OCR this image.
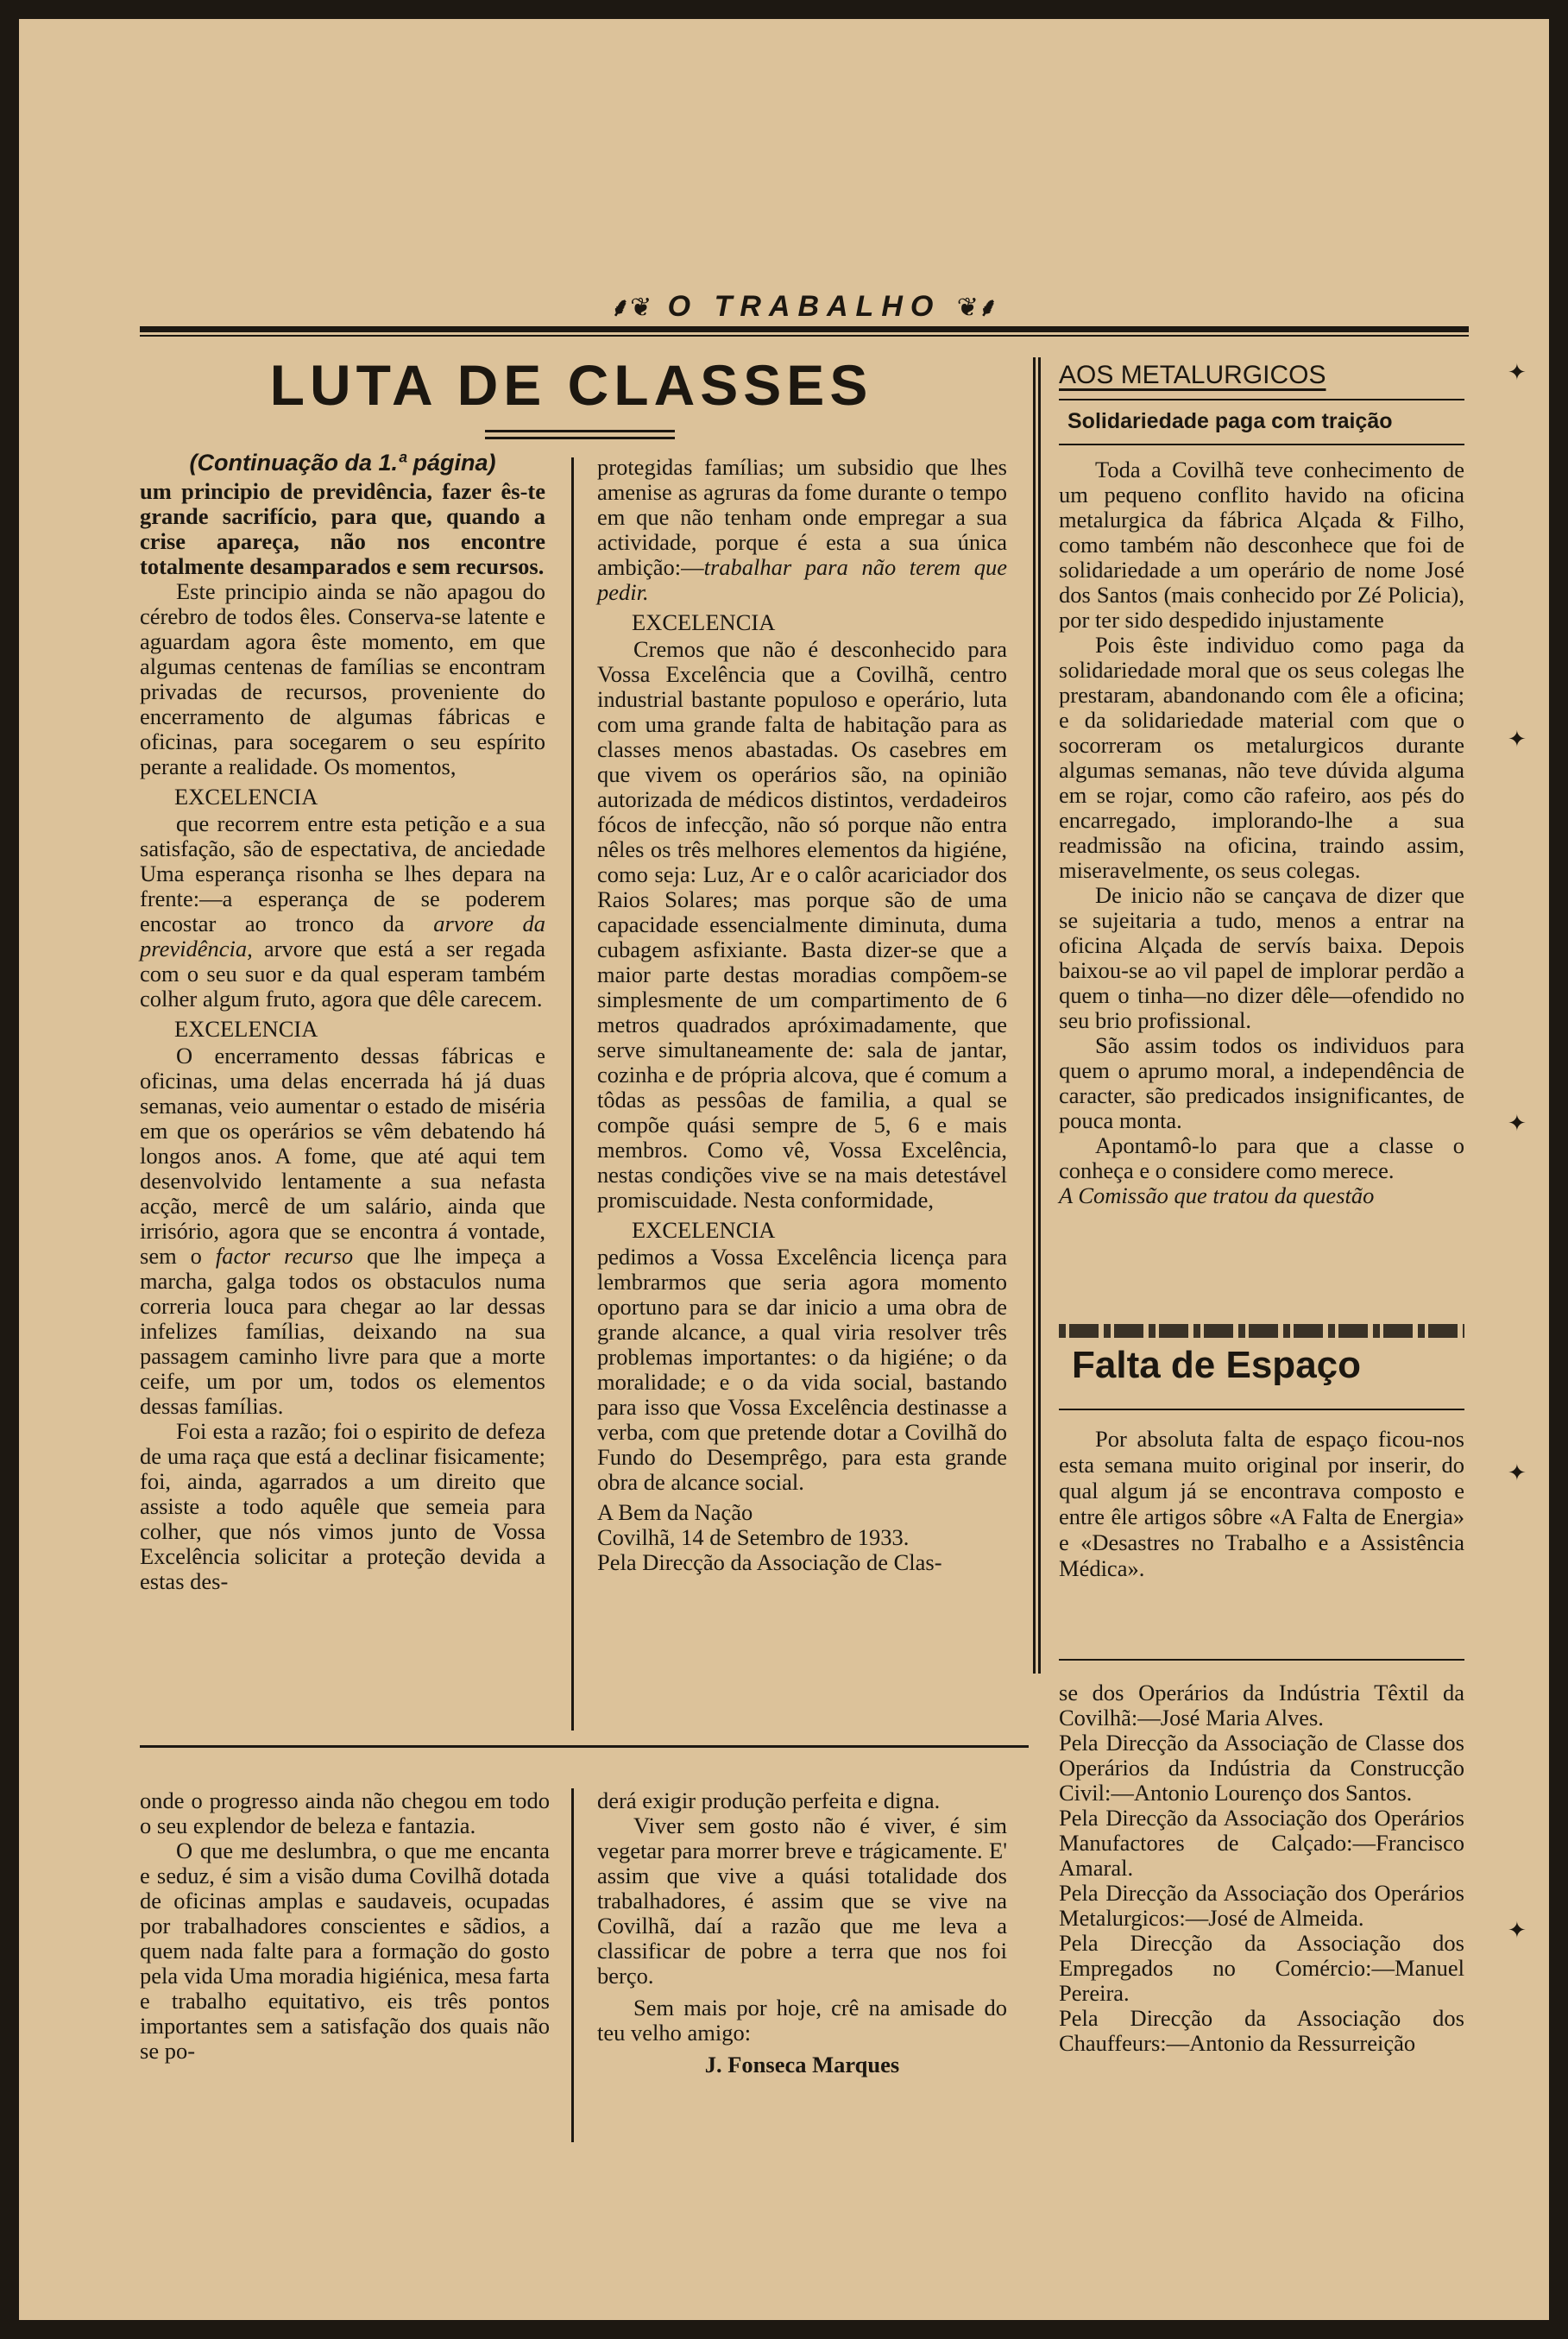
⸙❦ O TRABALHO ❦⸙
LUTA DE CLASSES

(Continuação da 1.ª página)

um principio de previdência, fazer ês-te grande sacrifício, para que, quando a crise apareça, não nos encontre totalmente desamparados e sem recursos.

Este principio ainda se não apagou do cérebro de todos êles. Conserva-se latente e aguardam agora êste momento, em que algumas centenas de famílias se encontram privadas de recursos, proveniente do encerramento de algumas fábricas e oficinas, para socegarem o seu espírito perante a realidade. Os momentos,

EXCELENCIA

que recorrem entre esta petição e a sua satisfação, são de espectativa, de anciedade Uma esperança risonha se lhes depara na frente:—a esperança de se poderem encostar ao tronco da arvore da previdência, arvore que está a ser regada com o seu suor e da qual esperam também colher algum fruto, agora que dêle carecem.

EXCELENCIA

O encerramento dessas fábricas e oficinas, uma delas encerrada há já duas semanas, veio aumentar o estado de miséria em que os operários se vêm debatendo há longos anos. A fome, que até aqui tem desenvolvido lentamente a sua nefasta acção, mercê de um salário, ainda que irrisório, agora que se encontra á vontade, sem o factor recurso que lhe impeça a marcha, galga todos os obstaculos numa correria louca para chegar ao lar dessas infelizes famílias, deixando na sua passagem caminho livre para que a morte ceife, um por um, todos os elementos dessas famílias.

Foi esta a razão; foi o espirito de defeza de uma raça que está a declinar fisicamente; foi, ainda, agarrados a um direito que assiste a todo aquêle que semeia para colher, que nós vimos junto de Vossa Excelência solicitar a proteção devida a estas des-

protegidas famílias; um subsidio que lhes amenise as agruras da fome durante o tempo em que não tenham onde empregar a sua actividade, porque é esta a sua única ambição:—trabalhar para não terem que pedir.

EXCELENCIA

Cremos que não é desconhecido para Vossa Excelência que a Covilhã, centro industrial bastante populoso e operário, luta com uma grande falta de habitação para as classes menos abastadas. Os casebres em que vivem os operários são, na opinião autorizada de médicos distintos, verdadeiros fócos de infecção, não só porque não entra nêles os três melhores elementos da higiéne, como seja: Luz, Ar e o calôr acariciador dos Raios Solares; mas porque são de uma capacidade essencialmente diminuta, duma cubagem asfixiante. Basta dizer-se que a maior parte destas moradias compõem-se simplesmente de um compartimento de 6 metros quadrados apróximadamente, que serve simultaneamente de: sala de jantar, cozinha e de própria alcova, que é comum a tôdas as pessôas de familia, a qual se compõe quási sempre de 5, 6 e mais membros. Como vê, Vossa Excelência, nestas condições vive se na mais detestável promiscuidade. Nesta conformidade,

EXCELENCIA

pedimos a Vossa Excelência licença para lembrarmos que seria agora momento oportuno para se dar inicio a uma obra de grande alcance, a qual viria resolver três problemas importantes: o da higiéne; o da moralidade; e o da vida social, bastando para isso que Vossa Excelência destinasse a verba, com que pretende dotar a Covilhã do Fundo do Desemprêgo, para esta grande obra de alcance social.

A Bem da Nação

Covilhã, 14 de Setembro de 1933.

Pela Direcção da Associação de Clas-

AOS METALURGICOS
Solidariedade paga com traição

Toda a Covilhã teve conhecimento de um pequeno conflito havido na oficina metalurgica da fábrica Alçada & Filho, como também não desconhece que foi de solidariedade a um operário de nome José dos Santos (mais conhecido por Zé Policia), por ter sido despedido injustamente

Pois êste individuo como paga da solidariedade moral que os seus colegas lhe prestaram, abandonando com êle a oficina; e da solidariedade material com que o socorreram os metalurgicos durante algumas semanas, não teve dúvida alguma em se rojar, como cão rafeiro, aos pés do encarregado, implorando-lhe a sua readmissão na oficina, traindo assim, miseravelmente, os seus colegas.

De inicio não se cançava de dizer que se sujeitaria a tudo, menos a entrar na oficina Alçada de servís baixa. Depois baixou-se ao vil papel de implorar perdão a quem o tinha—no dizer dêle—ofendido no seu brio profissional.

São assim todos os individuos para quem o aprumo moral, a independência de caracter, são predicados insignificantes, de pouca monta.

Apontamô-lo para que a classe o conheça e o considere como merece.

A Comissão que tratou da questão

Falta de Espaço

Por absoluta falta de espaço ficou-nos esta semana muito original por inserir, do qual algum já se encontrava composto e entre êle artigos sôbre «A Falta de Energia» e «Desastres no Trabalho e a Assistência Médica».

onde o progresso ainda não chegou em todo o seu explendor de beleza e fantazia.

O que me deslumbra, o que me encanta e seduz, é sim a visão duma Covilhã dotada de oficinas amplas e saudaveis, ocupadas por trabalhadores conscientes e sãdios, a quem nada falte para a formação do gosto pela vida Uma moradia higiénica, mesa farta e trabalho equitativo, eis três pontos importantes sem a satisfação dos quais não se po-

derá exigir produção perfeita e digna.

Viver sem gosto não é viver, é sim vegetar para morrer breve e trágicamente. E' assim que vive a quási totalidade dos trabalhadores, é assim que se vive na Covilhã, daí a razão que me leva a classificar de pobre a terra que nos foi berço.

Sem mais por hoje, crê na amisade do teu velho amigo:

J. Fonseca Marques

se dos Operários da Indústria Têxtil da Covilhã:—José Maria Alves.

Pela Direcção da Associação de Classe dos Operários da Indústria da Construcção Civil:—Antonio Lourenço dos Santos.

Pela Direcção da Associação dos Operários Manufactores de Calçado:—Francisco Amaral.

Pela Direcção da Associação dos Operários Metalurgicos:—José de Almeida.

Pela Direcção da Associação dos Empregados no Comércio:—Manuel Pereira.

Pela Direcção da Associação dos Chauffeurs:—Antonio da Ressurreição

✦
✦
✦
✦
✦
